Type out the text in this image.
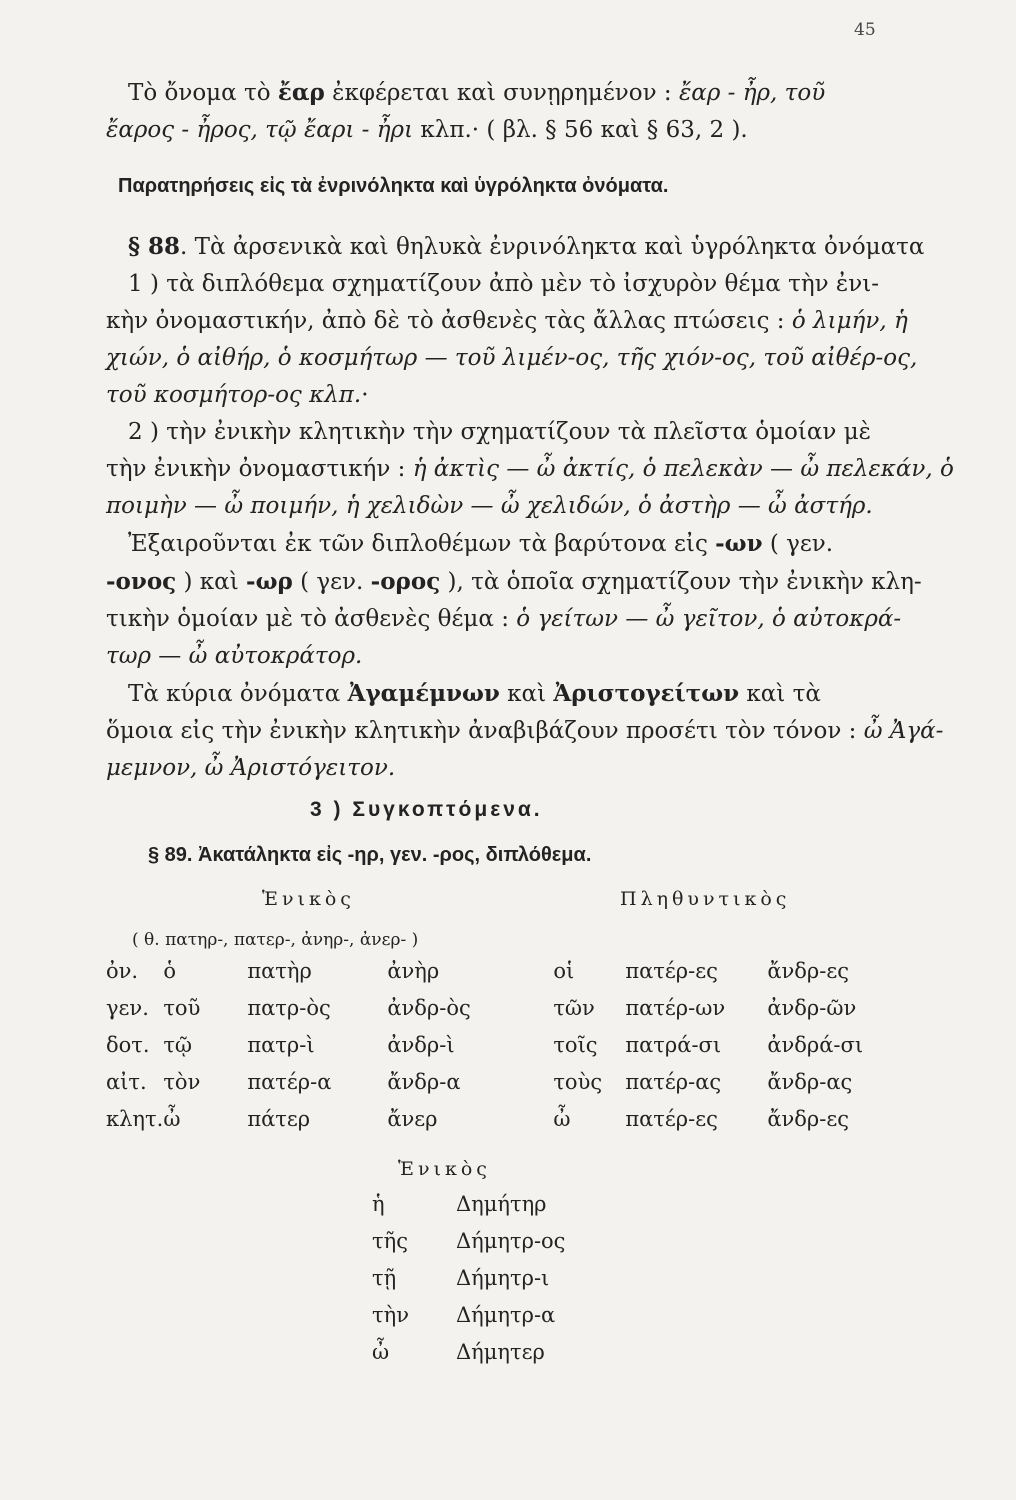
45
Τὸ ὄνομα τὸ ἔαρ ἐκφέρεται καὶ συνῃρημένον : ἔαρ - ἦρ, τοῦ
ἔαρος - ἦρος, τῷ ἔαρι - ἦρι κλπ.· ( βλ. § 56 καὶ § 63, 2 ).
Παρατηρήσεις εἰς τὰ ἐνρινόληκτα καὶ ὑγρόληκτα ὀνόματα.
§ 88. Τὰ ἀρσενικὰ καὶ θηλυκὰ ἐνρινόληκτα καὶ ὑγρόληκτα ὀνόματα
1 ) τὰ διπλόθεμα σχηματίζουν ἀπὸ μὲν τὸ ἰσχυρὸν θέμα τὴν ἐνι-
κὴν ὀνομαστικήν, ἀπὸ δὲ τὸ ἀσθενὲς τὰς ἄλλας πτώσεις : ὁ λιμήν, ἡ
χιών, ὁ αἰθήρ, ὁ κοσμήτωρ — τοῦ λιμέν-ος, τῆς χιόν-ος, τοῦ αἰθέρ-ος,
τοῦ κοσμήτορ-ος κλπ.·
2 ) τὴν ἐνικὴν κλητικὴν τὴν σχηματίζουν τὰ πλεῖστα ὁμοίαν μὲ
τὴν ἐνικὴν ὀνομαστικήν : ἡ ἀκτὶς — ὦ ἀκτίς, ὁ πελεκὰν — ὦ πελεκάν, ὁ
ποιμὴν — ὦ ποιμήν, ἡ χελιδὼν — ὦ χελιδών, ὁ ἀστὴρ — ὦ ἀστήρ.
Ἐξαιροῦνται ἐκ τῶν διπλοθέμων τὰ βαρύτονα εἰς -ων ( γεν.
-ονος ) καὶ -ωρ ( γεν. -ορος ), τὰ ὁποῖα σχηματίζουν τὴν ἐνικὴν κλη-
τικὴν ὁμοίαν μὲ τὸ ἀσθενὲς θέμα : ὁ γείτων — ὦ γεῖτον, ὁ αὐτοκρά-
τωρ — ὦ αὐτοκράτορ.
Τὰ κύρια ὀνόματα Ἀγαμέμνων καὶ Ἀριστογείτων καὶ τὰ
ὅμοια εἰς τὴν ἐνικὴν κλητικὴν ἀναβιβάζουν προσέτι τὸν τόνον : ὦ Ἀγά-
μεμνον, ὦ Ἀριστόγειτον.
3 ) Συγκοπτόμενα.
§ 89. Ἀκατάληκτα εἰς -ηρ, γεν. -ρος, διπλόθεμα.
Ἑνικὸς	Πληθυντικὸς
( θ. πατηρ-, πατερ-, ἀνηρ-, ἀνερ- )
ὀν.	ὁ	πατὴρ	ἀνὴρ	οἱ	πατέρ-ες	ἄνδρ-ες
γεν.	τοῦ	πατρ-ὸς	ἀνδρ-ὸς	τῶν	πατέρ-ων	ἀνδρ-ῶν
δοτ.	τῷ	πατρ-ὶ	ἀνδρ-ὶ	τοῖς	πατρά-σι	ἀνδρά-σι
αἰτ.	τὸν	πατέρ-α	ἄνδρ-α	τοὺς	πατέρ-ας	ἄνδρ-ας
κλητ.	ὦ	πάτερ	ἄνερ	ὦ	πατέρ-ες	ἄνδρ-ες
Ἑνικὸς
ἡ	Δημήτηρ
τῆς	Δήμητρ-ος
τῇ	Δήμητρ-ι
τὴν	Δήμητρ-α
ὦ	Δήμητερ
